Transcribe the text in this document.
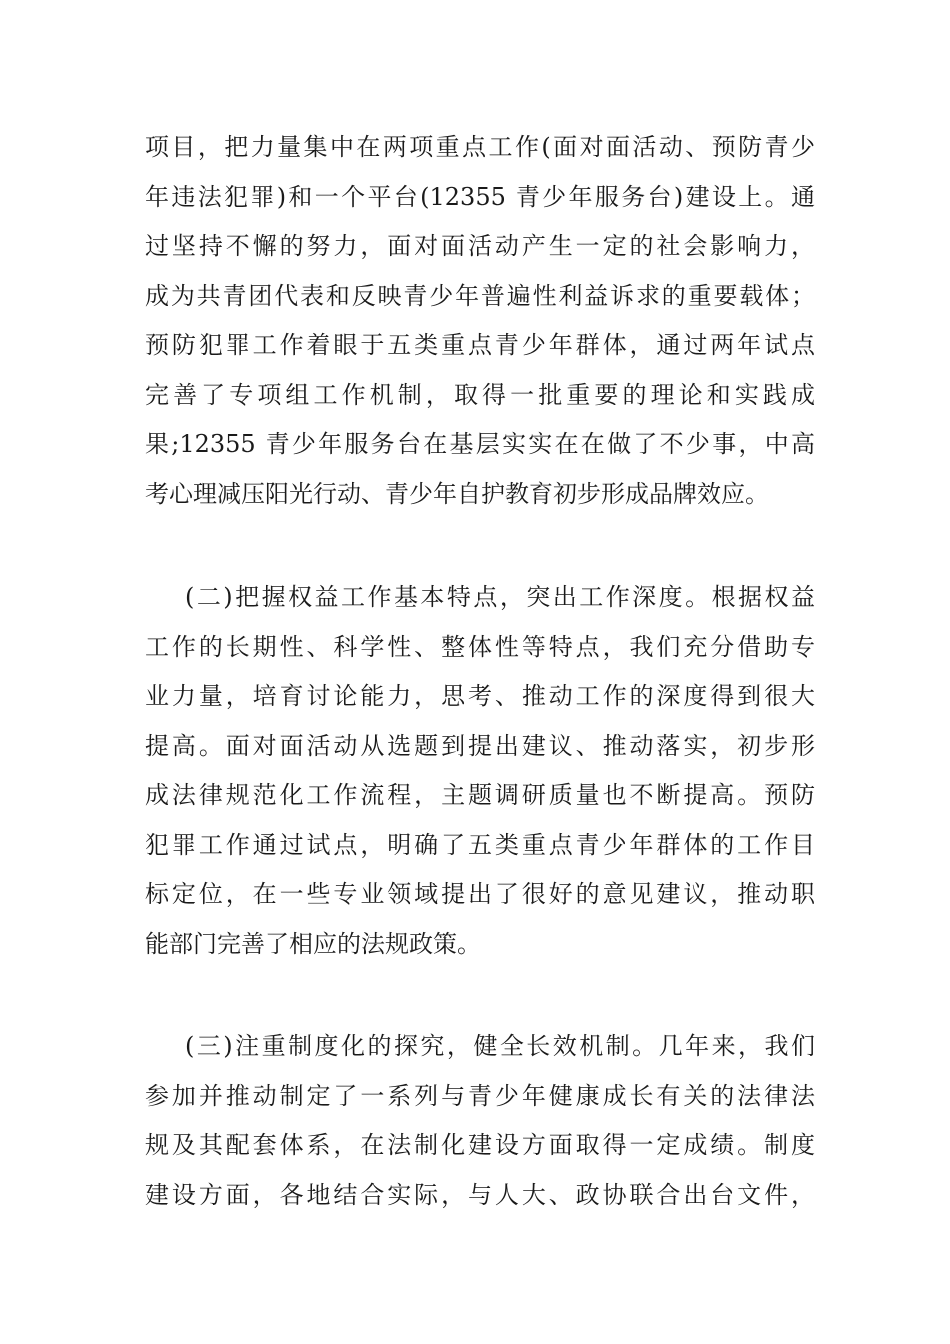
项目，把力量集中在两项重点工作(面对面活动、预防青少
年违法犯罪)和一个平台(12355 青少年服务台)建设上。通
过坚持不懈的努力，面对面活动产生一定的社会影响力，
成为共青团代表和反映青少年普遍性利益诉求的重要载体；
预防犯罪工作着眼于五类重点青少年群体，通过两年试点
完善了专项组工作机制，取得一批重要的理论和实践成
果;12355 青少年服务台在基层实实在在做了不少事，中高
考心理减压阳光行动、青少年自护教育初步形成品牌效应。
(二)把握权益工作基本特点，突出工作深度。根据权益
工作的长期性、科学性、整体性等特点，我们充分借助专
业力量，培育讨论能力，思考、推动工作的深度得到很大
提高。面对面活动从选题到提出建议、推动落实，初步形
成法律规范化工作流程，主题调研质量也不断提高。预防
犯罪工作通过试点，明确了五类重点青少年群体的工作目
标定位，在一些专业领域提出了很好的意见建议，推动职
能部门完善了相应的法规政策。
(三)注重制度化的探究，健全长效机制。几年来，我们
参加并推动制定了一系列与青少年健康成长有关的法律法
规及其配套体系，在法制化建设方面取得一定成绩。制度
建设方面，各地结合实际，与人大、政协联合出台文件，
